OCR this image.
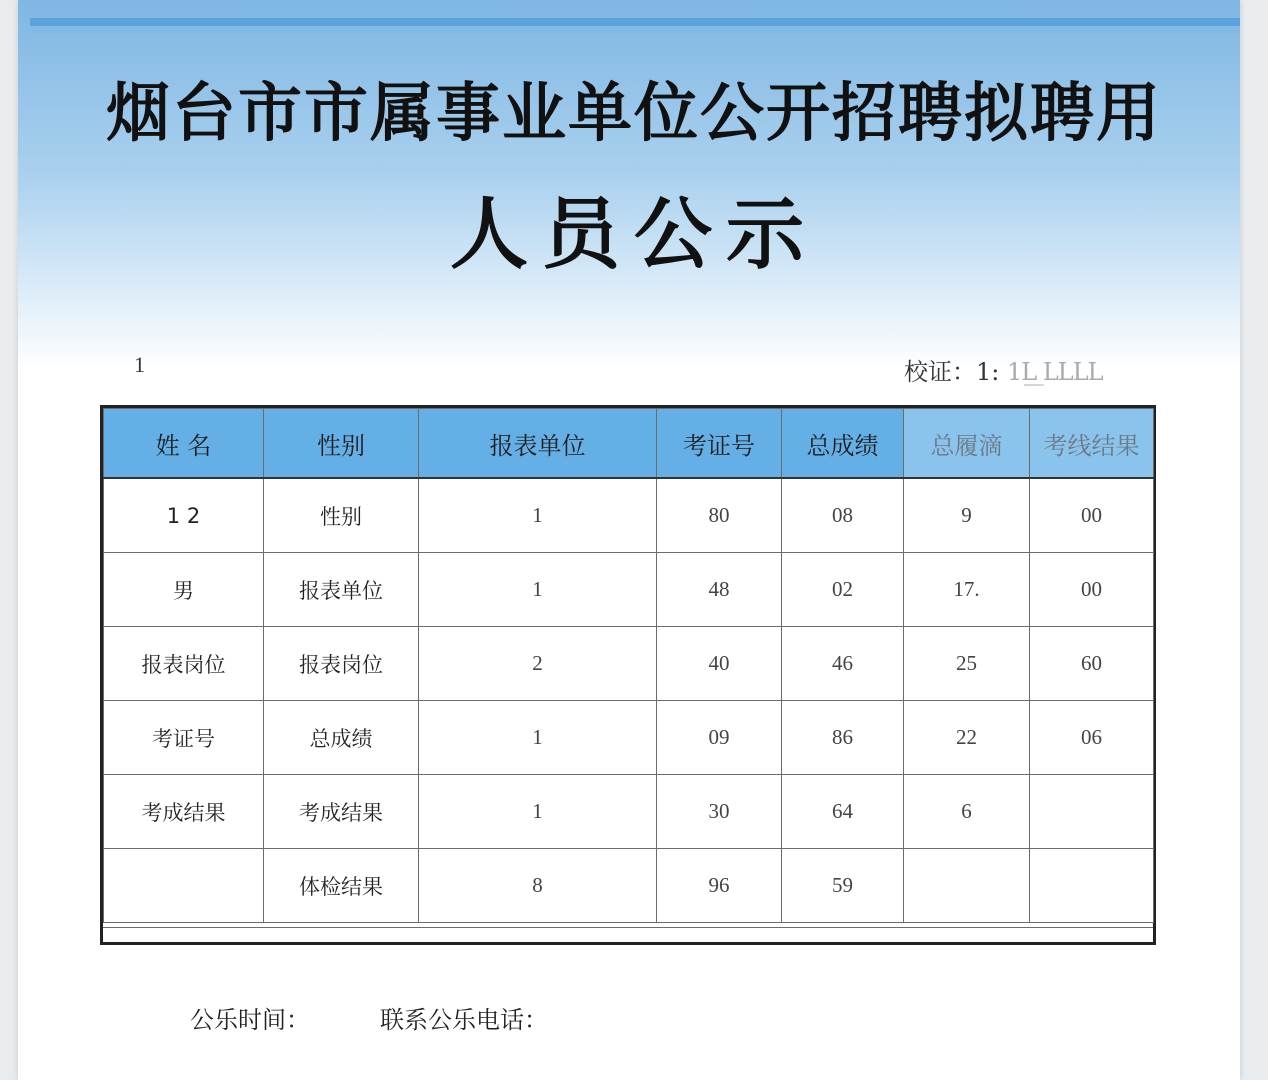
烟台市市属事业单位公开招聘拟聘用
人员公示
1	校证：1: 1L̲̲ ̲LLLL
姓 名	性别	报表单位	考证号	总成绩	总履滴	考线结果
1 2	性别	1	80	08	9	00
男	报表单位	1	48	02	17.	00
报表岗位	报表岗位	2	40	46	25	60
考证号	总成绩	1	09	86	22	06
考成结果	考成结果	1	30	64	6	
	体检结果	8	96	59		
公乐时间：	联系公乐电话：
